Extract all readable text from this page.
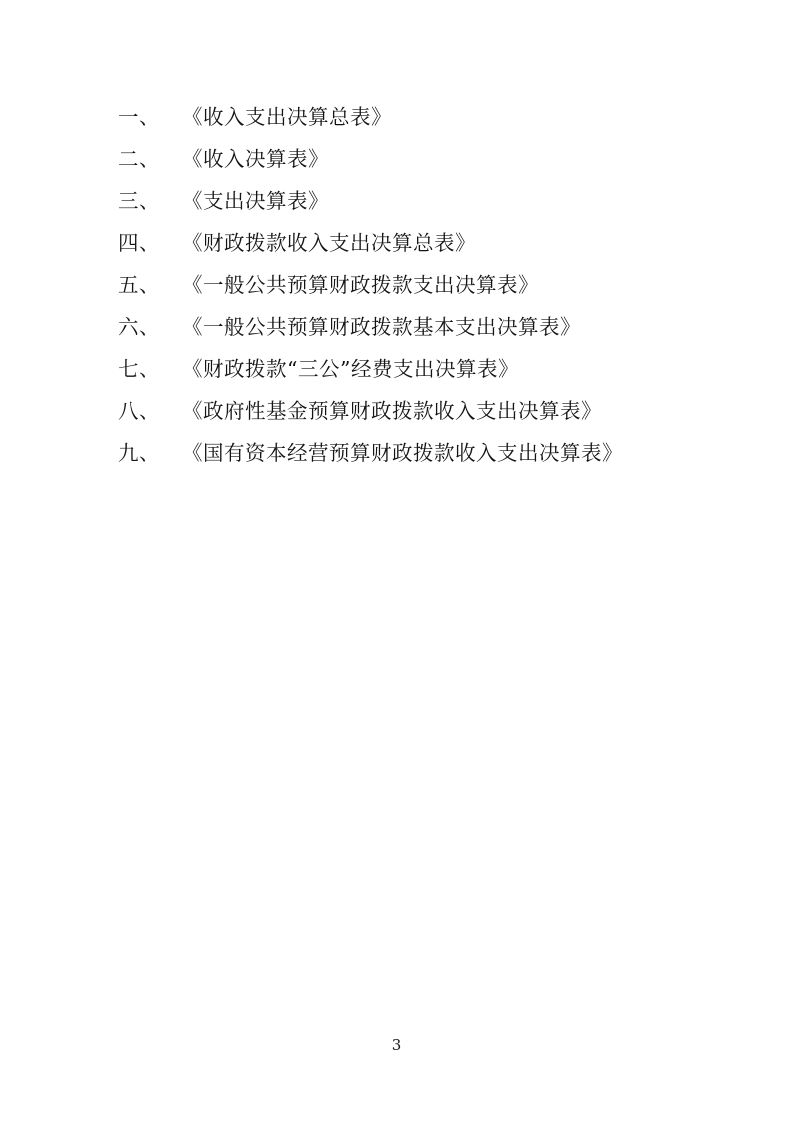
一、 《收入支出决算总表》
二、 《收入决算表》
三、 《支出决算表》
四、 《财政拨款收入支出决算总表》
五、 《一般公共预算财政拨款支出决算表》
六、 《一般公共预算财政拨款基本支出决算表》
七、 《财政拨款“三公”经费支出决算表》
八、 《政府性基金预算财政拨款收入支出决算表》
九、 《国有资本经营预算财政拨款收入支出决算表》
3
